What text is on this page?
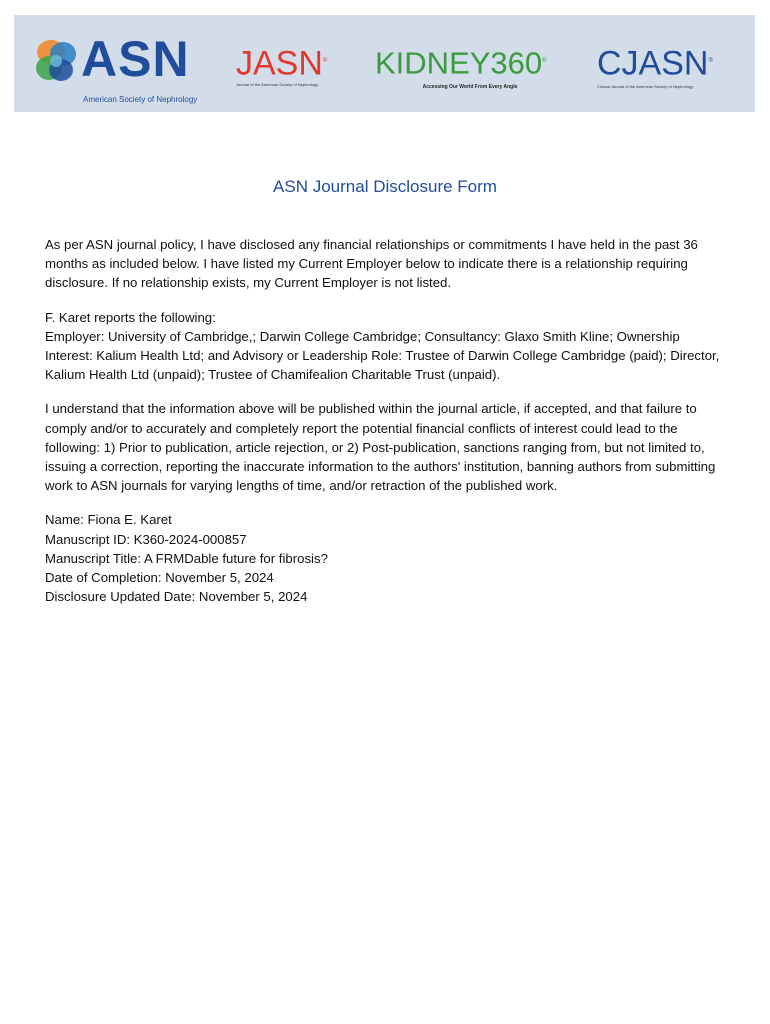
ASN
American Society of Nephrology
JASN®
Journal of the American Society of Nephrology
KIDNEY360®
Accessing Our World From Every Angle
CJASN®
Clinical Journal of the American Society of Nephrology
ASN Journal Disclosure Form

As per ASN journal policy, I have disclosed any financial relationships or commitments I have held in the past 36 months as included below. I have listed my Current Employer below to indicate there is a relationship requiring disclosure. If no relationship exists, my Current Employer is not listed.

F. Karet reports the following:
Employer: University of Cambridge,; Darwin College Cambridge; Consultancy: Glaxo Smith Kline; Ownership Interest: Kalium Health Ltd; and Advisory or Leadership Role: Trustee of Darwin College Cambridge (paid); Director, Kalium Health Ltd (unpaid); Trustee of Chamifealion Charitable Trust (unpaid).

I understand that the information above will be published within the journal article, if accepted, and that failure to comply and/or to accurately and completely report the potential financial conflicts of interest could lead to the following: 1) Prior to publication, article rejection, or 2) Post-publication, sanctions ranging from, but not limited to, issuing a correction, reporting the inaccurate information to the authors' institution, banning authors from submitting work to ASN journals for varying lengths of time, and/or retraction of the published work.

Name: Fiona E. Karet
Manuscript ID: K360-2024-000857
Manuscript Title: A FRMDable future for fibrosis?
Date of Completion: November 5, 2024
Disclosure Updated Date: November 5, 2024
